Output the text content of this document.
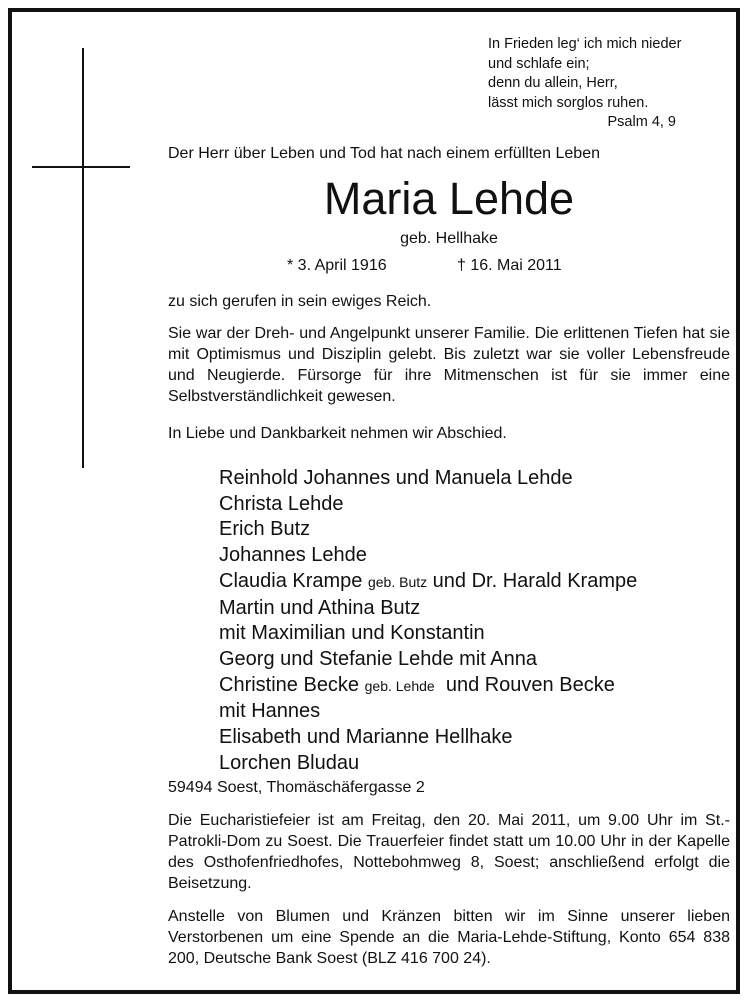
In Frieden leg‘ ich mich nieder
und schlafe ein;
denn du allein, Herr,
lässt mich sorglos ruhen.
Psalm 4, 9

Der Herr über Leben und Tod hat nach einem erfüllten Leben

Maria Lehde
geb. Hellhake
* 3. April 1916	† 16. Mai 2011

zu sich gerufen in sein ewiges Reich.

Sie war der Dreh- und Angelpunkt unserer Familie. Die erlittenen Tiefen hat sie mit Optimismus und Disziplin gelebt. Bis zuletzt war sie voller Lebensfreude und Neugierde. Fürsorge für ihre Mitmenschen ist für sie immer eine Selbstverständlichkeit gewesen.

In Liebe und Dankbarkeit nehmen wir Abschied.

Reinhold Johannes und Manuela Lehde
Christa Lehde
Erich Butz
Johannes Lehde
Claudia Krampe geb. Butz und Dr. Harald Krampe
Martin und Athina Butz
mit Maximilian und Konstantin
Georg und Stefanie Lehde mit Anna
Christine Becke geb. Lehde  und Rouven Becke
mit Hannes
Elisabeth und Marianne Hellhake
Lorchen Bludau

59494 Soest, Thomäschäfergasse 2

Die Eucharistiefeier ist am Freitag, den 20. Mai 2011, um 9.00 Uhr im St.-Patrokli-Dom zu Soest. Die Trauerfeier findet statt um 10.00 Uhr in der Kapelle des Osthofenfriedhofes, Nottebohmweg 8, Soest; anschließend erfolgt die Beisetzung.

Anstelle von Blumen und Kränzen bitten wir im Sinne unserer lieben Verstorbenen um eine Spende an die Maria-Lehde-Stiftung, Konto 654 838 200, Deutsche Bank Soest (BLZ 416 700 24).
